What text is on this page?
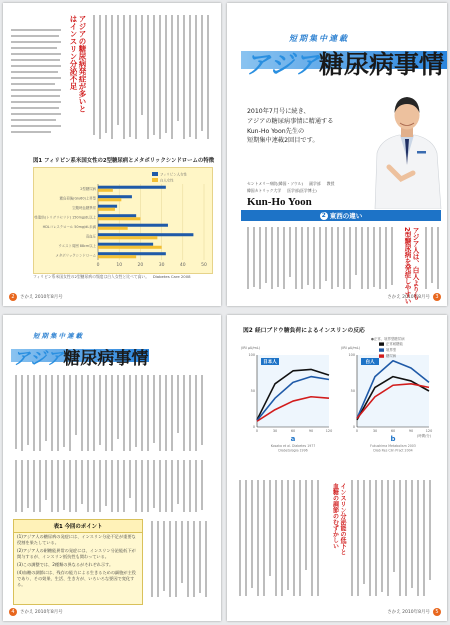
アジアの糖尿病発症が多いと
はインスリン分泌不足
図1 フィリピン系米国女性の2型糖尿病とメタボリックシンドロームの特徴
0	10	20	30	40	50
2型糖尿病
糖負荷後(Glu60)上昇型
空腹時血糖異常
中性脂肪(トリグリセリド) 150mg/dL以上
HDLコレステロール 50mg/dL未満
高血圧
ウエスト周囲 88cm以上
メタボリックシンドローム
フィリピン人女性
白人女性
フィリピン系米国女性の2型糖尿病の頻度は白人女性と比べて高い。　Diabetes Care 2008
2	さかえ 2010年8月号
短期集中連載
アジア糖尿病事情
2010年7月号に続き、
アジアの糖尿病事情に精通する
Kun-Ho Yoon先生の
短期集中連載2回目です。
セントメリー病院(韓国・ソウル) 　 副学部 　 教授
韓国カトリック大学 　 医学部(医学博士)
Kun-Ho Yoon
2 東西の違い
アジア人は、白人よりも
2型糖尿病を発症しやすい
さかえ 2010年8月号	3
短期集中連載
アジア糖尿病事情
表1 今回のポイント
(1)アジア人の糖尿病の発症には、インスリン分泌不足が重要な役割を果たしている。
(2)アジア人の耐糖能異常の発症には、インスリン分泌能低下が関与するが、インスリン抵抗性も関わっている。
(3)この調整では、2種類の異なるがそれぞれ示す。
(4)血糖の調節には、残存の能力による生きるための細胞が主役であり、その効果、生活、生き方が、いろいろな要因で変化する。
4	さかえ 2010年8月号
図2 経口ブドウ糖負荷によるインスリンの反応
(IRI μU/mL)
0
50
100
0	30	60	90	120
日本人
a
Kosaka et al. Diabetes 1977
Diabetologia 1996
(IRI μU/mL)
0
50
100
0	30	60	90	120
(時間/分)
白人
b
Fukushima Metabolism 2003
Diab Res Clin Pract 2004
●正常、境界型糖尿病
正常耐糖能
境界型
糖尿病
インスリン分泌能の低下と
血糖の調節のむずかしい
さかえ 2010年8月号	5
